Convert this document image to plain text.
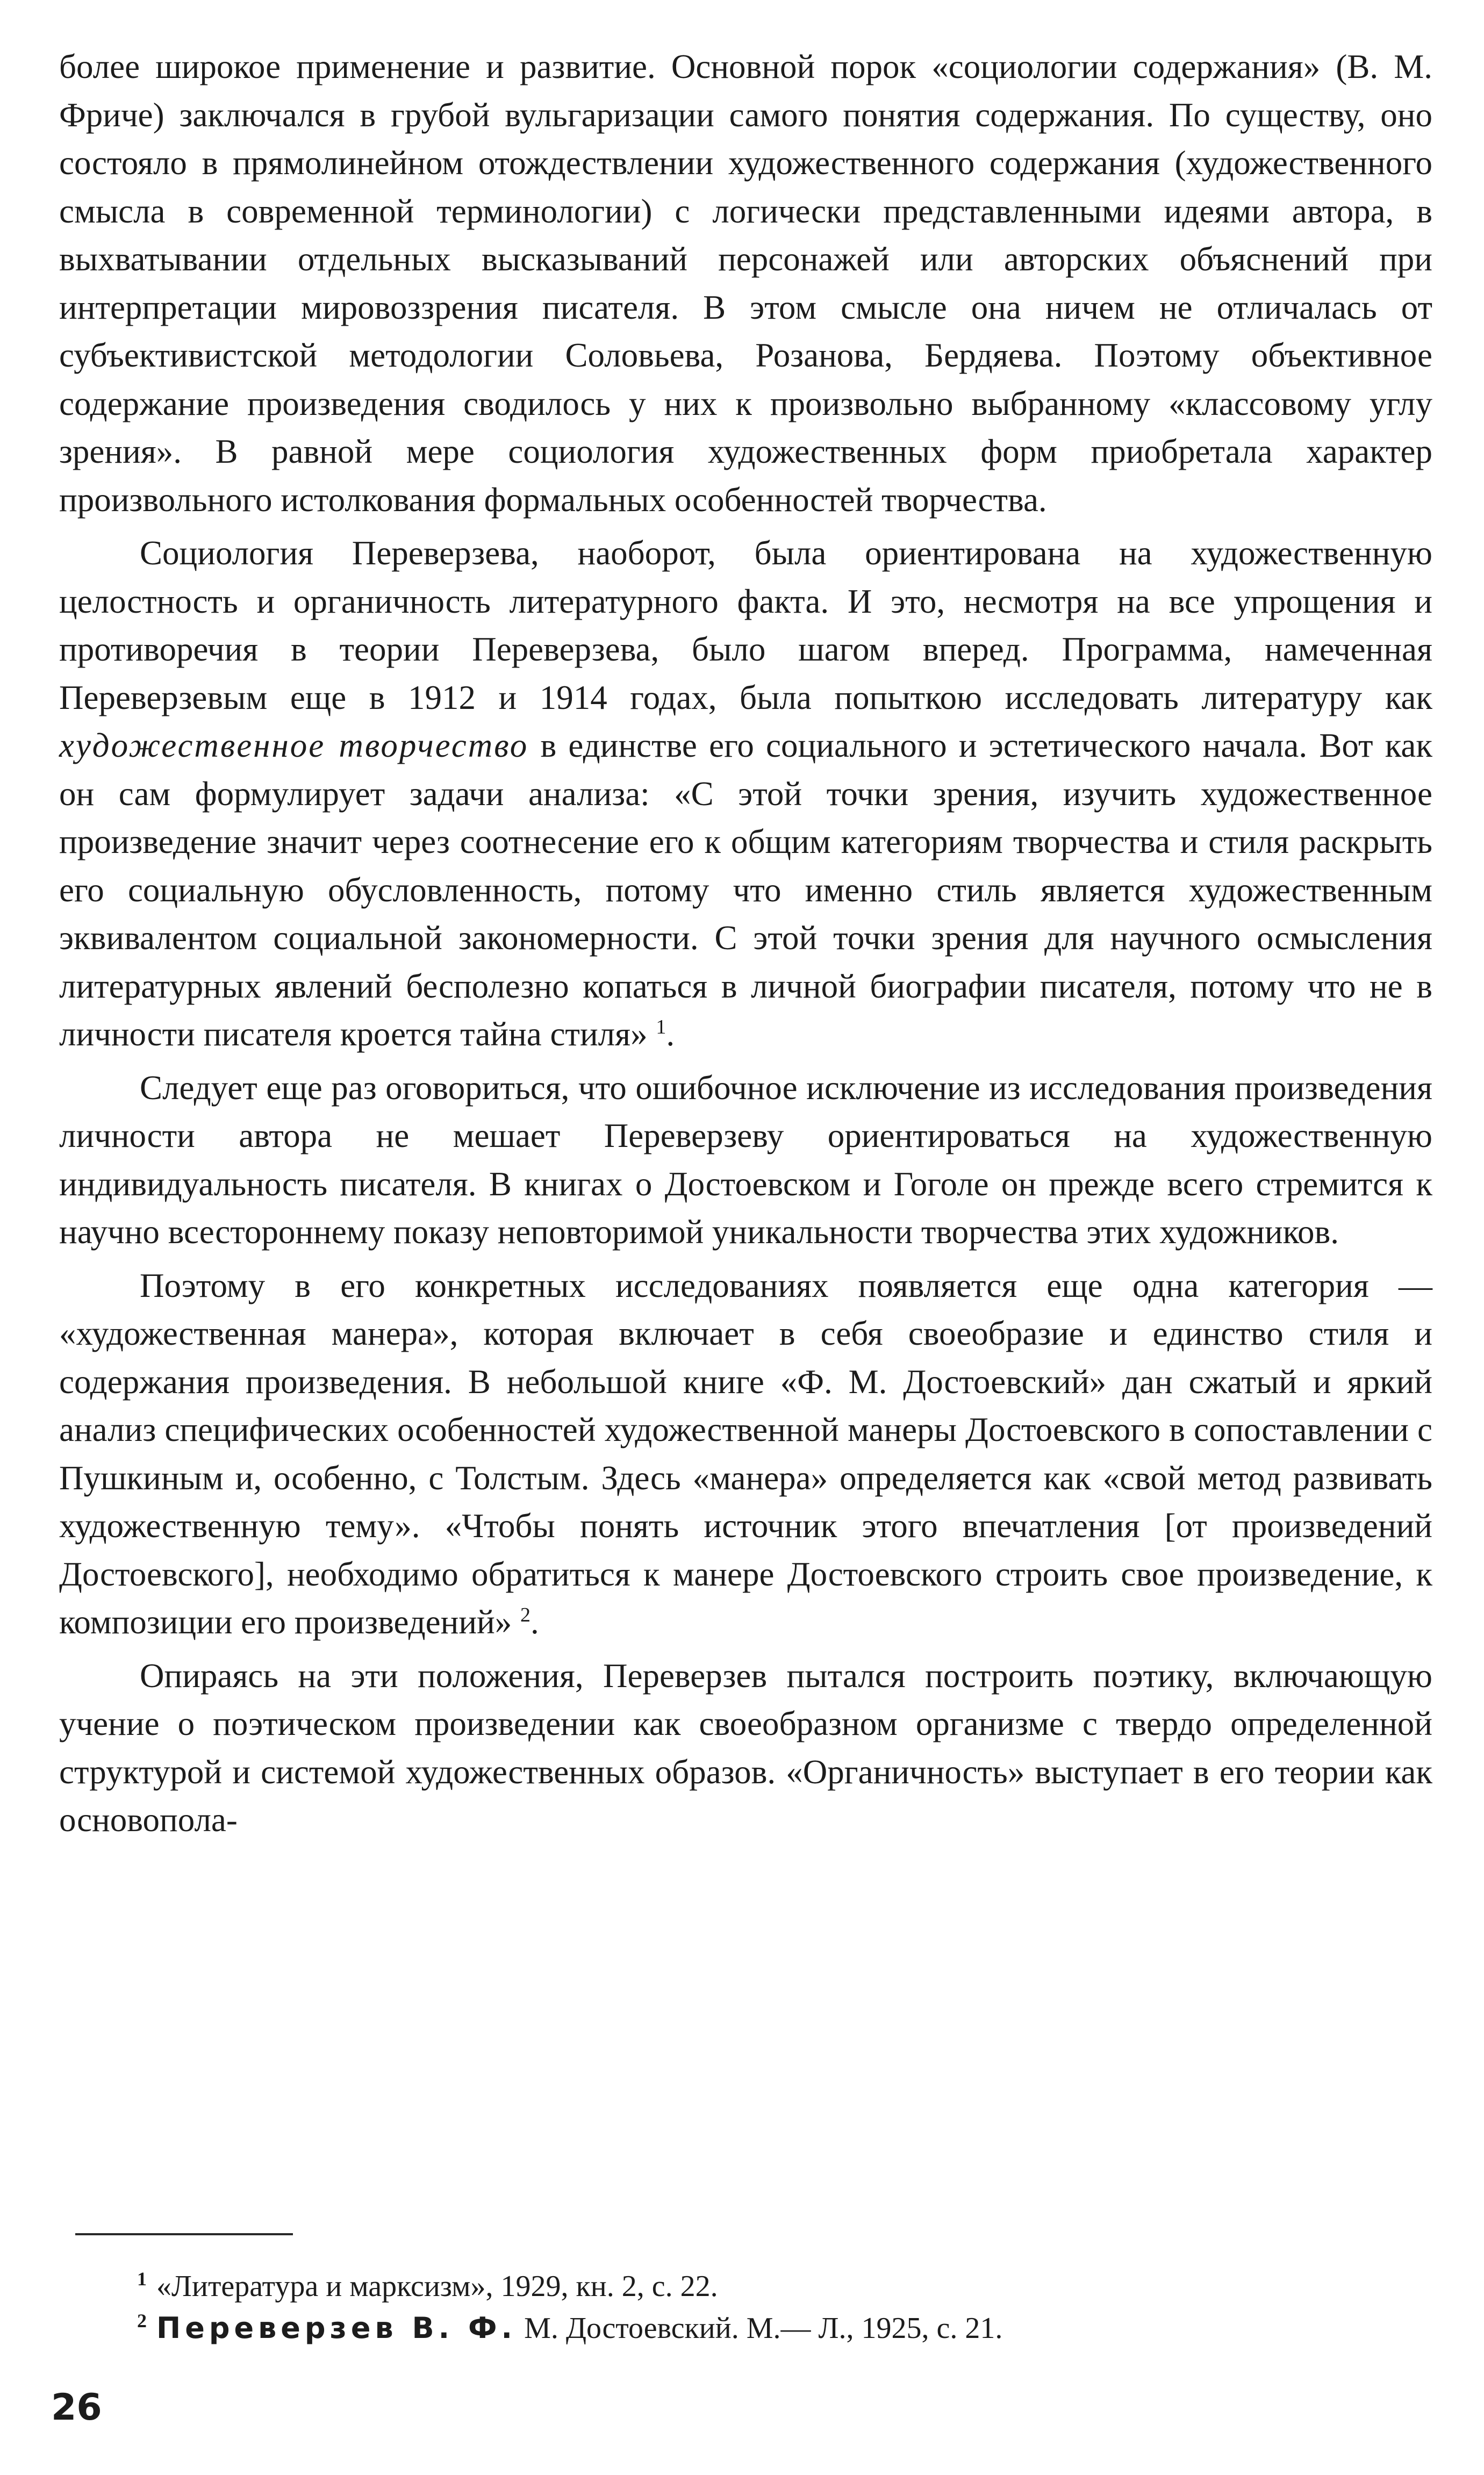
более широкое применение и развитие. Основной порок «социологии содержания» (В. М. Фриче) заключался в грубой вульгаризации самого понятия содержания. По существу, оно состояло в прямолинейном отождествлении художественного содержания (художественного смысла в современной терминологии) с логически представленными идеями автора, в выхватывании отдельных высказываний персонажей или авторских объяснений при интерпретации мировоззрения писателя. В этом смысле она ничем не отличалась от субъективистской методологии Соловьева, Розанова, Бердяева. Поэтому объективное содержание произведения сводилось у них к произвольно выбранному «классовому углу зрения». В равной мере социология художественных форм приобретала характер произвольного истолкования формальных особенностей творчества.

Социология Переверзева, наоборот, была ориентирована на художественную целостность и органичность литературного факта. И это, несмотря на все упрощения и противоречия в теории Переверзева, было шагом вперед. Программа, намеченная Переверзевым еще в 1912 и 1914 годах, была попыткою исследовать литературу как художественное творчество в единстве его социального и эстетического начала. Вот как он сам формулирует задачи анализа: «С этой точки зрения, изучить художественное произведение значит через соотнесение его к общим категориям творчества и стиля раскрыть его социальную обусловленность, потому что именно стиль является художественным эквивалентом социальной закономерности. С этой точки зрения для научного осмысления литературных явлений бесполезно копаться в личной биографии писателя, потому что не в личности писателя кроется тайна стиля» $^1$.

Следует еще раз оговориться, что ошибочное исключение из исследования произведения личности автора не мешает Переверзеву ориентироваться на художественную индивидуальность писателя. В книгах о Достоевском и Гоголе он прежде всего стремится к научно всестороннему показу неповторимой уникальности творчества этих художников.

Поэтому в его конкретных исследованиях появляется еще одна категория — «художественная манера», которая включает в себя своеобразие и единство стиля и содержания произведения. В небольшой книге «Ф. М. Достоевский» дан сжатый и яркий анализ специфических особенностей художественной манеры Достоевского в сопоставлении с Пушкиным и, особенно, с Толстым. Здесь «манера» определяется как «свой метод развивать художественную тему». «Чтобы понять источник этого впечатления [от произведений Достоевского], необходимо обратиться к манере Достоевского строить свое произведение, к композиции его произведений» $^2$.

Опираясь на эти положения, Переверзев пытался построить поэтику, включающую учение о поэтическом произведении как своеобразном организме с твердо определенной структурой и системой художественных образов. «Органичность» выступает в его теории как основопола-

$^1$ «Литература и марксизм», 1929, кн. 2, с. 22.
$^2$ Переверзев В. Ф. М. Достоевский. М.— Л., 1925, с. 21.
26
